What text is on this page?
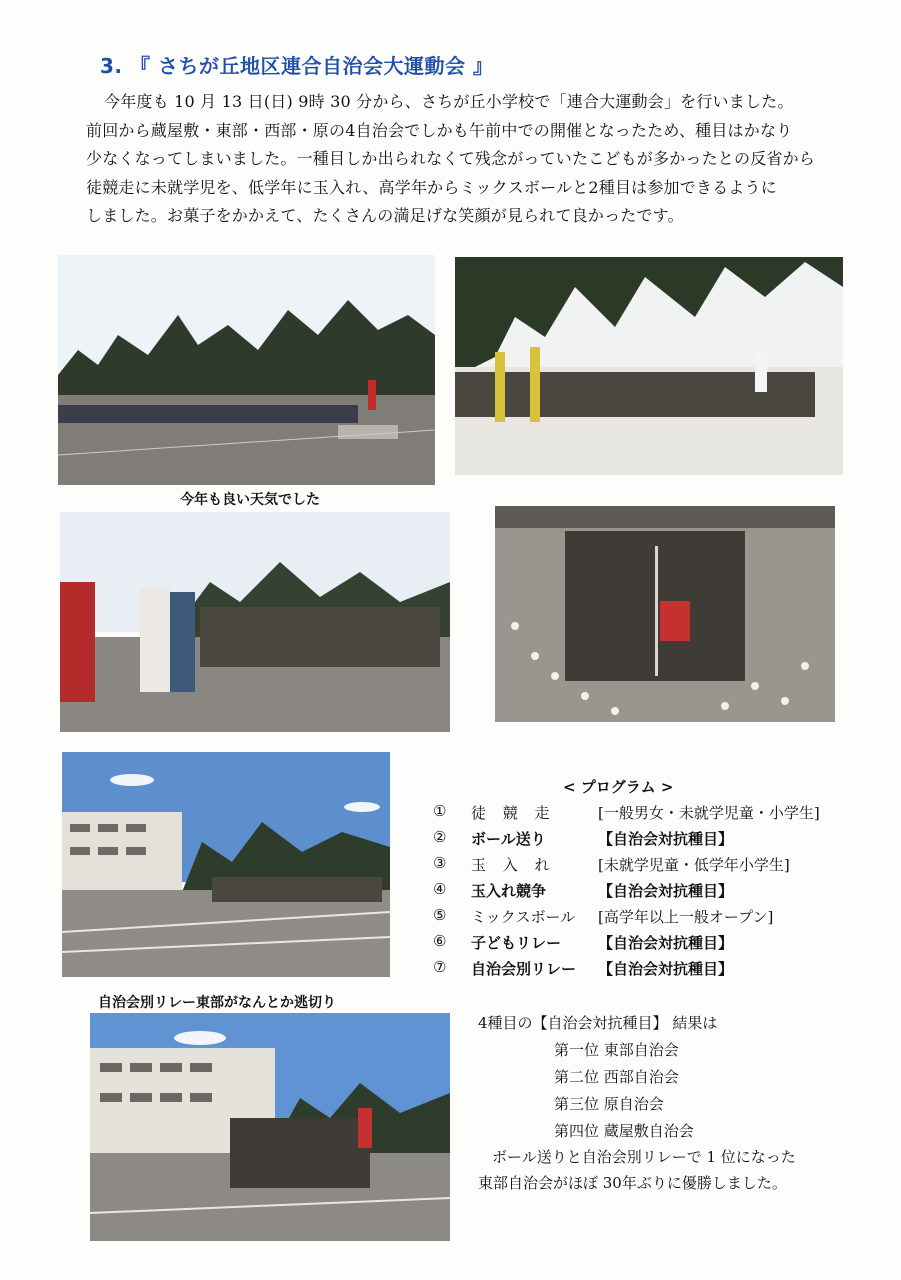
3. 『 さちが丘地区連合自治会大運動会 』
今年度も 10 月 13 日(日) 9時 30 分から、さちが丘小学校で「連合大運動会」を行いました。
前回から蔵屋敷・東部・西部・原の4自治会でしかも午前中での開催となったため、種目はかなり
少なくなってしまいました。一種目しか出られなくて残念がっていたこどもが多かったとの反省から
徒競走に未就学児を、低学年に玉入れ、高学年からミックスボールと2種目は参加できるように
しました。お菓子をかかえて、たくさんの満足げな笑顔が見られて良かったです。
今年も良い天気でした
自治会別リレー東部がなんとか逃切り
< プログラム >
①	徒 競 走	[一般男女・未就学児童・小学生]
②	ボール送り	【自治会対抗種目】
③	玉 入 れ	[未就学児童・低学年小学生]
④	玉入れ競争	【自治会対抗種目】
⑤	ミックスボール [高学年以上一般オープン]
⑥	子どもリレー 【自治会対抗種目】
⑦	自治会別リレー 【自治会対抗種目】
4種目の【自治会対抗種目】 結果は
第一位 東部自治会
第二位 西部自治会
第三位 原自治会
第四位 蔵屋敷自治会
ボール送りと自治会別リレーで 1 位になった
東部自治会がほぼ 30年ぶりに優勝しました。
